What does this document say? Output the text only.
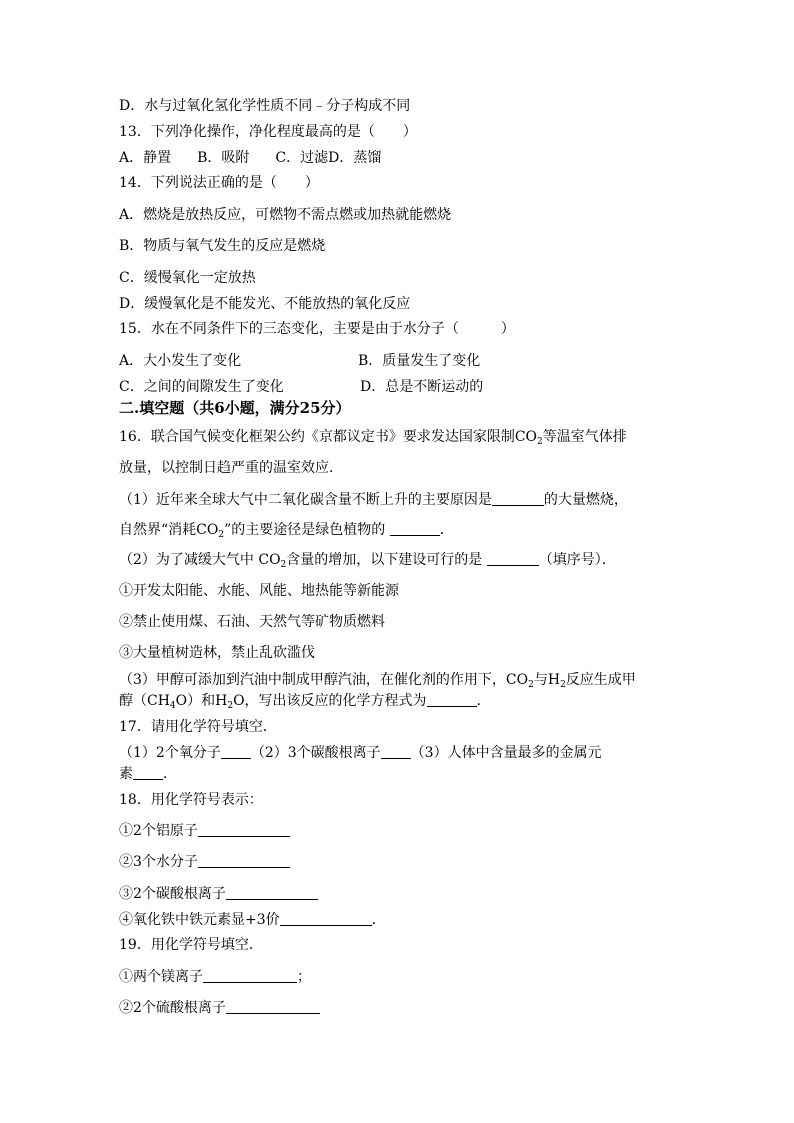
D．水与过氧化氢化学性质不同﹣分子构成不同
13．下列净化操作，净化程度最高的是（　　）
A．静置 B．吸附 C．过滤D．蒸馏
14．下列说法正确的是（　　）
A．燃烧是放热反应，可燃物不需点燃或加热就能燃烧
B．物质与氧气发生的反应是燃烧
C．缓慢氧化一定放热
D．缓慢氧化是不能发光、不能放热的氧化反应
15．水在不同条件下的三态变化，主要是由于水分子（　　　）
A．大小发生了变化	B．质量发生了变化
C．之间的间隙发生了变化	D．总是不断运动的
二.填空题（共6小题，满分25分）
16．联合国气候变化框架公约《京都议定书》要求发达国家限制$CO_2$等温室气体排
放量，以控制日趋严重的温室效应．
（1）近年来全球大气中二氧化碳含量不断上升的主要原因是	的大量燃烧，
自然界“消耗$CO_2$”的主要途径是绿色植物的	．
（2）为了减缓大气中 $CO_2$含量的增加，以下建设可行的是	（填序号）．
①开发太阳能、水能、风能、地热能等新能源
②禁止使用煤、石油、天然气等矿物质燃料
③大量植树造林，禁止乱砍滥伐
（3）甲醇可添加到汽油中制成甲醇汽油，在催化剂的作用下，$CO_2$与$H_2$反应生成甲
醇$(CH_4O)$和$H_2O$，写出该反应的化学方程式为	．
17．请用化学符号填空．
（1）2个氧分子 （2）3个碳酸根离子 （3）人体中含量最多的金属元
素 ．
18．用化学符号表示：
①2个铝原子
②3个水分子
③2个碳酸根离子
④氧化铁中铁元素显+3价	．
19．用化学符号填空．
①两个镁离子	；
②2个硫酸根离子
